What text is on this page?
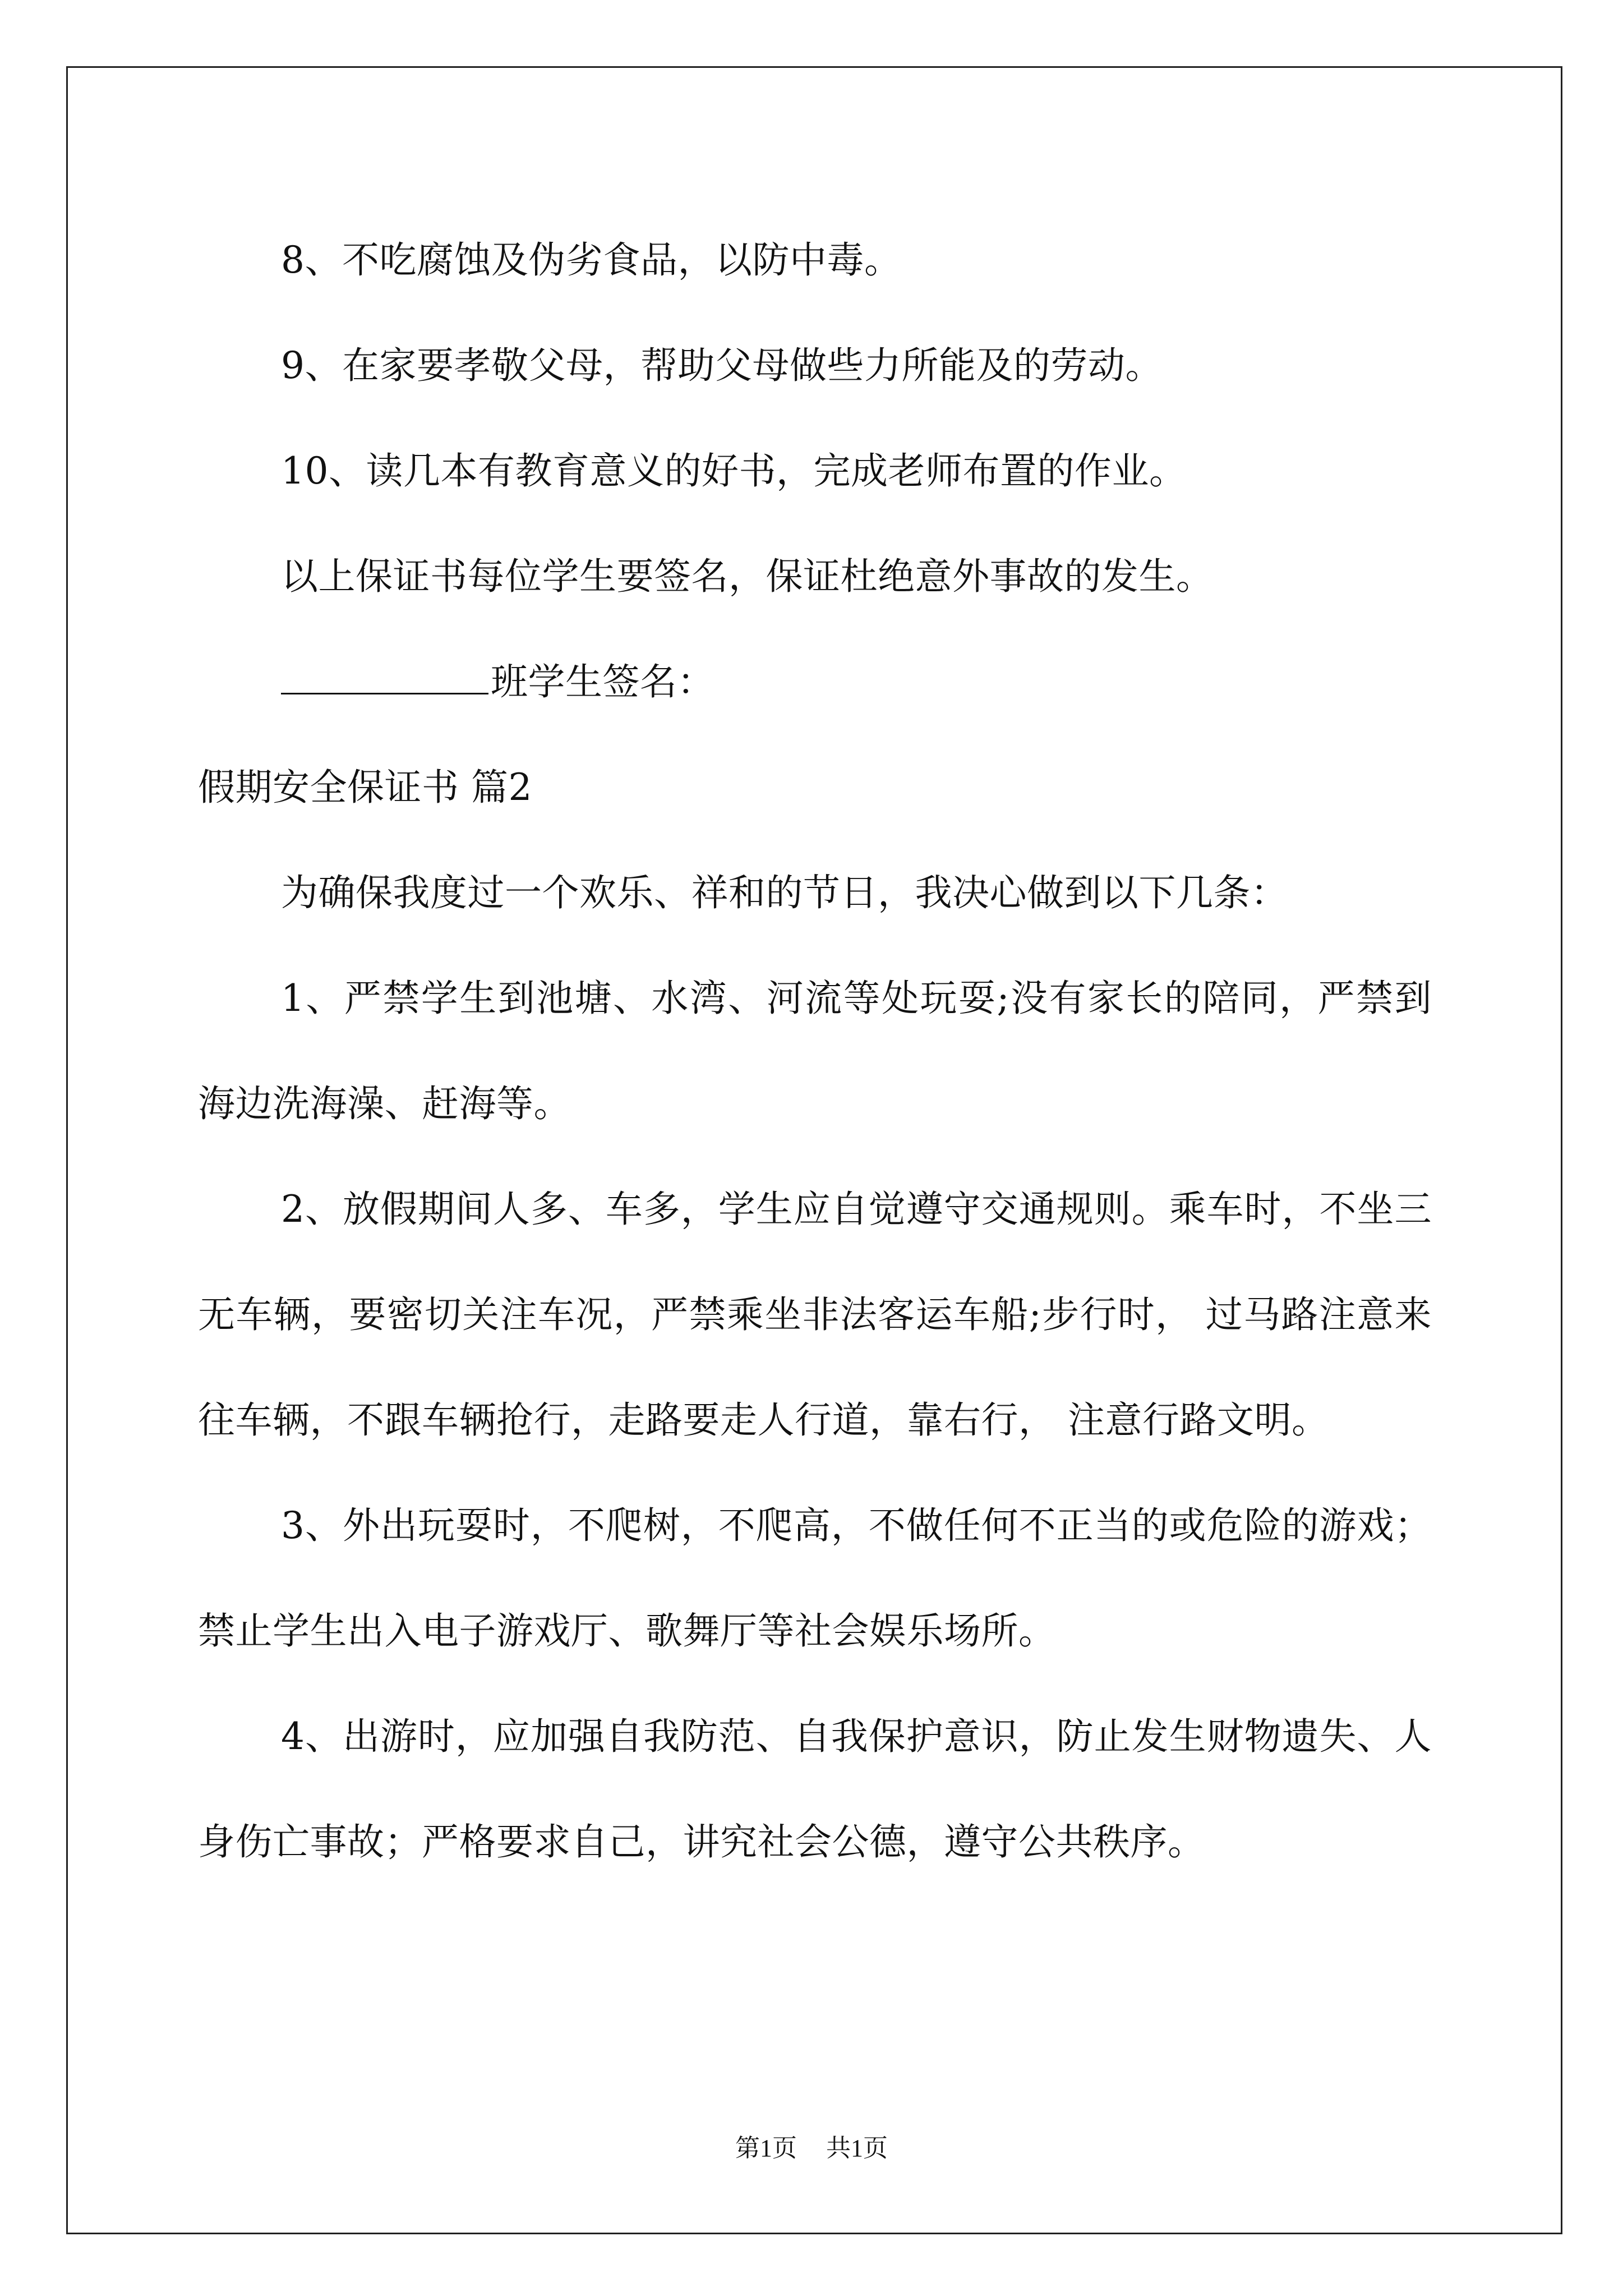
8、不吃腐蚀及伪劣食品，以防中毒。

9、在家要孝敬父母，帮助父母做些力所能及的劳动。

10、读几本有教育意义的好书，完成老师布置的作业。

以上保证书每位学生要签名，保证杜绝意外事故的发生。

班学生签名：

假期安全保证书 篇2

为确保我度过一个欢乐、祥和的节日，我决心做到以下几条：

1、严禁学生到池塘、水湾、河流等处玩耍;没有家长的陪同，严禁到海边洗海澡、赶海等。

2、放假期间人多、车多，学生应自觉遵守交通规则。乘车时，不坐三无车辆，要密切关注车况，严禁乘坐非法客运车船;步行时， 过马路注意来往车辆，不跟车辆抢行，走路要走人行道，靠右行， 注意行路文明。

3、外出玩耍时，不爬树，不爬高，不做任何不正当的或危险的游戏；禁止学生出入电子游戏厅、歌舞厅等社会娱乐场所。

4、出游时，应加强自我防范、自我保护意识，防止发生财物遗失、人身伤亡事故；严格要求自己，讲究社会公德，遵守公共秩序。

第1页 共1页
